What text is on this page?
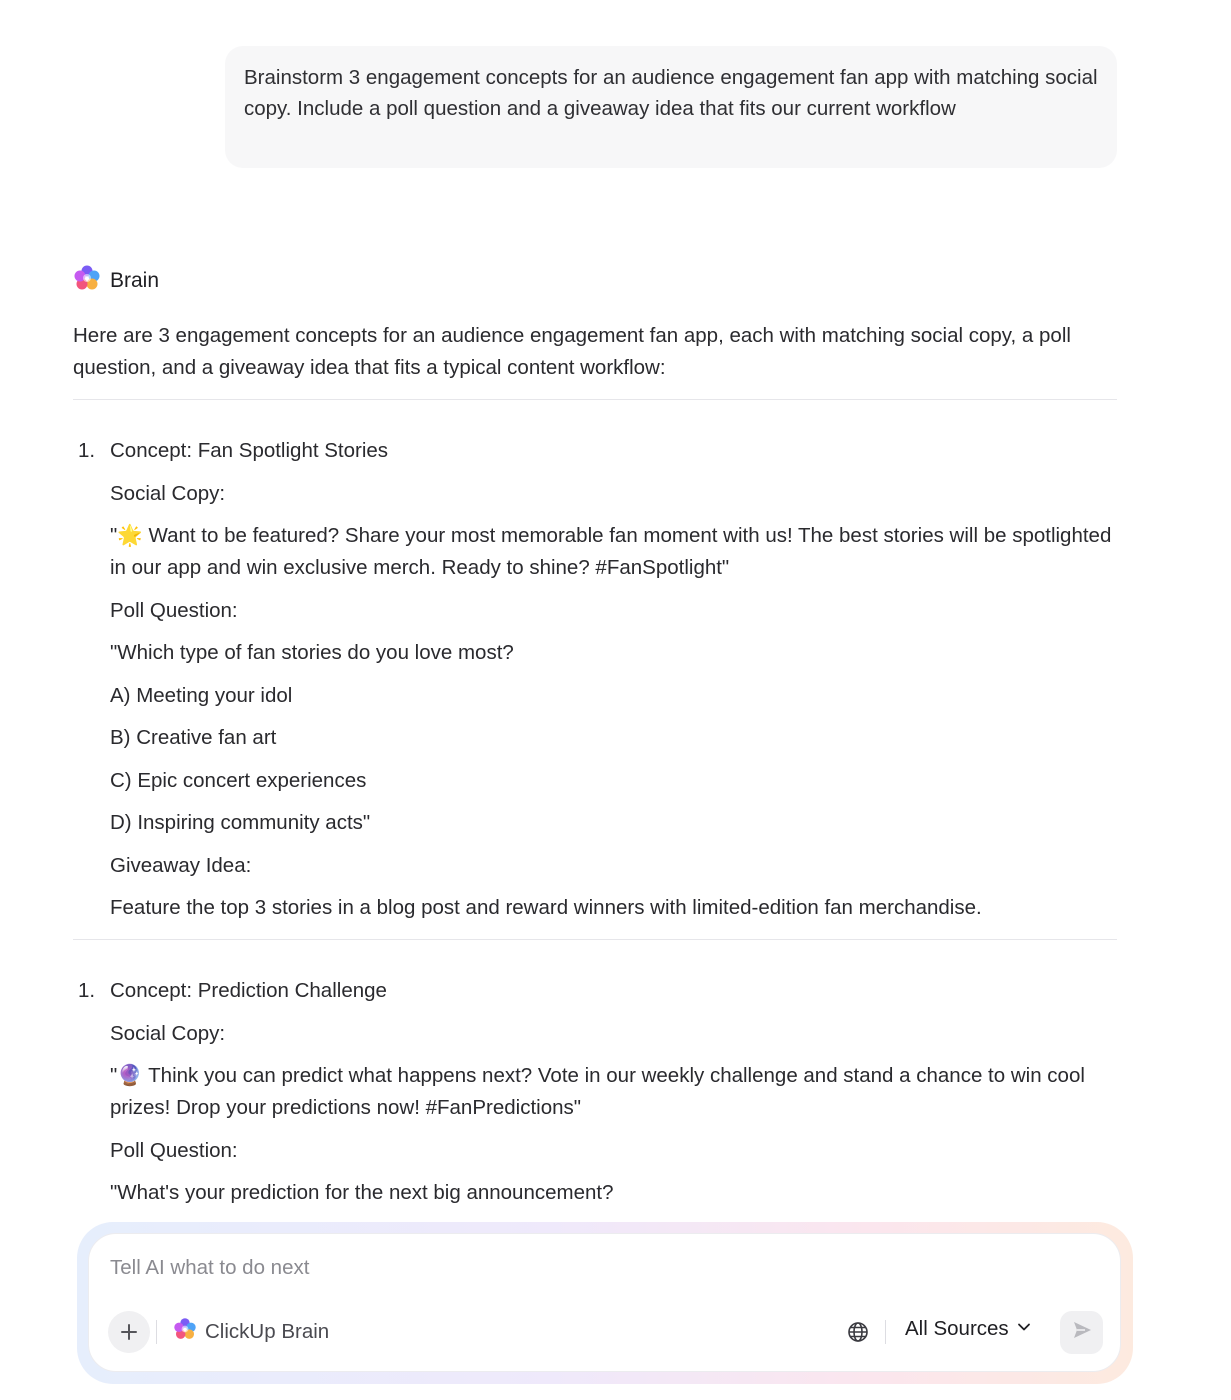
Brainstorm 3 engagement concepts for an audience engagement fan app with matching social copy. Include a poll question and a giveaway idea that fits our current workflow
Brain
Here are 3 engagement concepts for an audience engagement fan app, each with matching social copy, a poll question, and a giveaway idea that fits a typical content workflow:
1. Concept: Fan Spotlight Stories
Social Copy:
"🌟 Want to be featured? Share your most memorable fan moment with us! The best stories will be spotlighted in our app and win exclusive merch. Ready to shine? #FanSpotlight"
Poll Question:
"Which type of fan stories do you love most?
A) Meeting your idol
B) Creative fan art
C) Epic concert experiences
D) Inspiring community acts"
Giveaway Idea:
Feature the top 3 stories in a blog post and reward winners with limited-edition fan merchandise.
1. Concept: Prediction Challenge
Social Copy:
"🔮 Think you can predict what happens next? Vote in our weekly challenge and stand a chance to win cool prizes! Drop your predictions now! #FanPredictions"
Poll Question:
"What's your prediction for the next big announcement?
Tell AI what to do next
ClickUp Brain	All Sources
